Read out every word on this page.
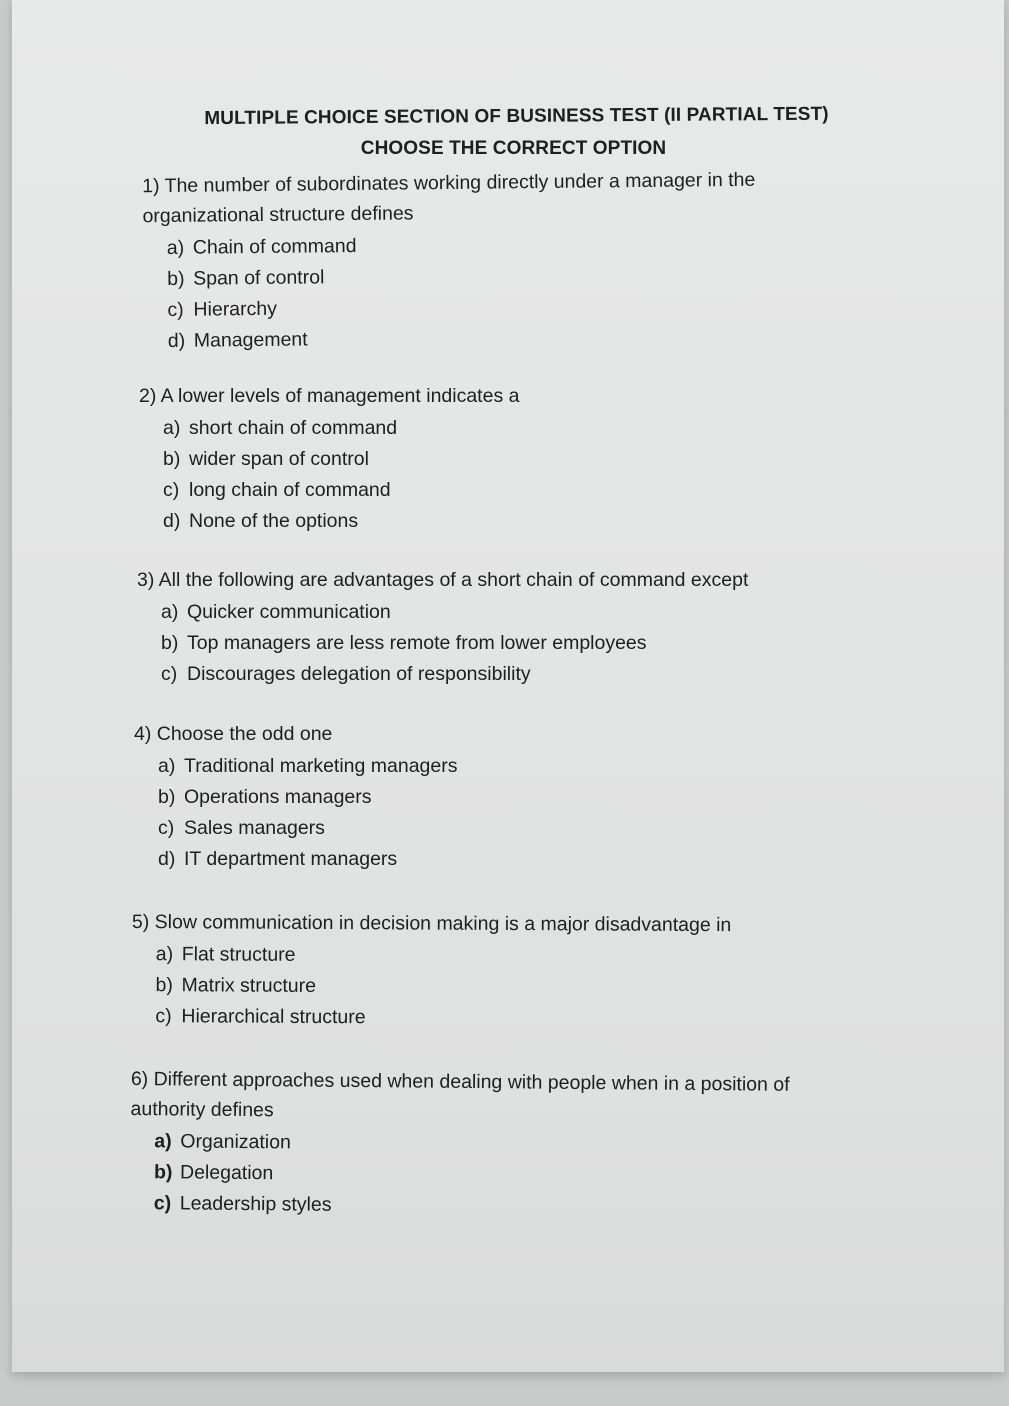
MULTIPLE CHOICE SECTION OF BUSINESS TEST (II PARTIAL TEST)
CHOOSE THE CORRECT OPTION

1) The number of subordinates working directly under a manager in the

organizational structure defines

a) Chain of command
b) Span of control
c) Hierarchy
d) Management

2) A lower levels of management indicates a

a) short chain of command
b) wider span of control
c) long chain of command
d) None of the options

3) All the following are advantages of a short chain of command except

a) Quicker communication
b) Top managers are less remote from lower employees
c) Discourages delegation of responsibility

4) Choose the odd one

a) Traditional marketing managers
b) Operations managers
c) Sales managers
d) IT department managers

5) Slow communication in decision making is a major disadvantage in

a) Flat structure
b) Matrix structure
c) Hierarchical structure

6) Different approaches used when dealing with people when in a position of

authority defines

a) Organization
b) Delegation
c) Leadership styles
